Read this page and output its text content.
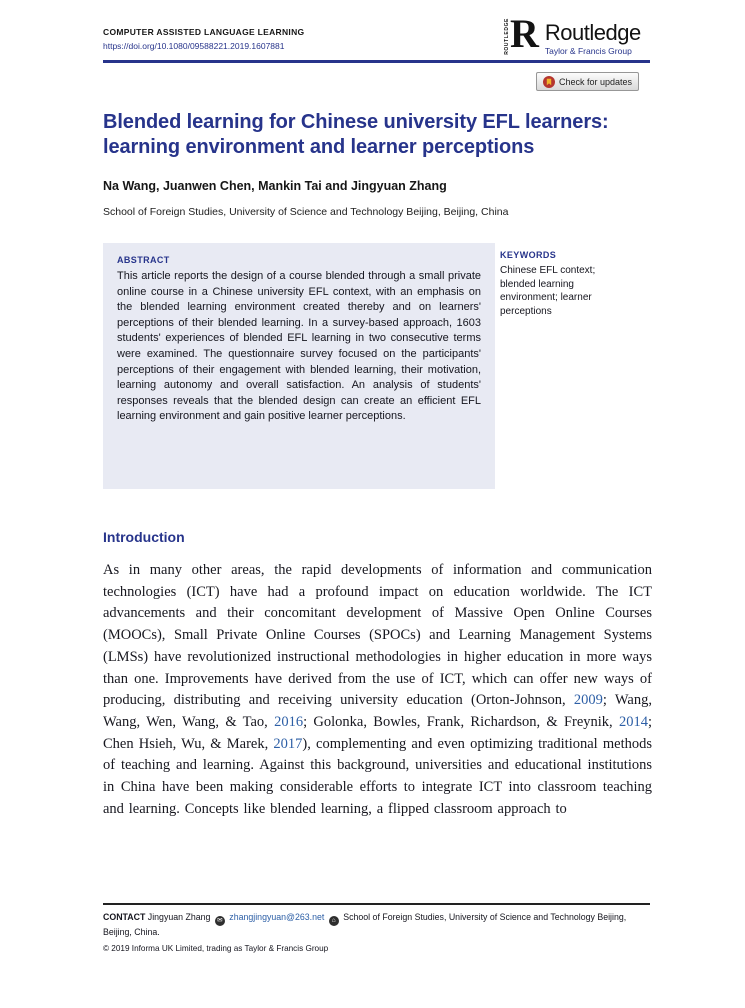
COMPUTER ASSISTED LANGUAGE LEARNING
https://doi.org/10.1080/09588221.2019.1607881	ROUTLEDGE R Routledge
Taylor & Francis Group
Check for updates
Blended learning for Chinese university EFL learners:
learning environment and learner perceptions
Na Wang, Juanwen Chen, Mankin Tai and Jingyuan Zhang
School of Foreign Studies, University of Science and Technology Beijing, Beijing, China
ABSTRACT
This article reports the design of a course blended through a small private online course in a Chinese university EFL context, with an emphasis on the blended learning environment created thereby and on learners' perceptions of their blended learning. In a survey-based approach, 1603 students' experiences of blended EFL learning in two consecutive terms were examined. The questionnaire survey focused on the participants' perceptions of their engagement with blended learning, their motivation, learning autonomy and overall satisfaction. An analysis of students' responses reveals that the blended design can create an efficient EFL learning environment and gain positive learner perceptions.
KEYWORDS
Chinese EFL context; blended learning environment; learner perceptions
Introduction
As in many other areas, the rapid developments of information and communication technologies (ICT) have had a profound impact on education worldwide. The ICT advancements and their concomitant development of Massive Open Online Courses (MOOCs), Small Private Online Courses (SPOCs) and Learning Management Systems (LMSs) have revolutionized instructional methodologies in higher education in more ways than one. Improvements have derived from the use of ICT, which can offer new ways of producing, distributing and receiving university education (Orton-Johnson, 2009; Wang, Wang, Wen, Wang, & Tao, 2016; Golonka, Bowles, Frank, Richardson, & Freynik, 2014; Chen Hsieh, Wu, & Marek, 2017), complementing and even optimizing traditional methods of teaching and learning. Against this background, universities and educational institutions in China have been making considerable efforts to integrate ICT into classroom teaching and learning. Concepts like blended learning, a flipped classroom approach to
CONTACT Jingyuan Zhang ✉ zhangjingyuan@263.net ⌂ School of Foreign Studies, University of Science and Technology Beijing, Beijing, China.
© 2019 Informa UK Limited, trading as Taylor & Francis Group
